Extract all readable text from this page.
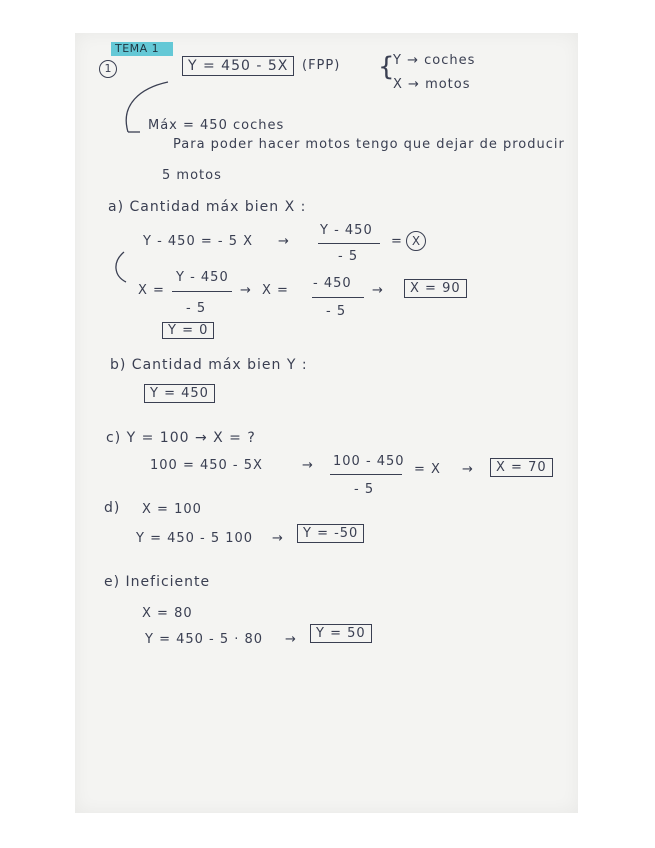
TEMA 1
1	Y = 450 - 5X	(FPP) {
Y → coches
X → motos
Máx = 450 coches
Para poder hacer motos tengo que dejar de producir
5 motos
a) Cantidad máx bien X :
Y - 450 = - 5 X →
Y - 450
- 5
= X
X =
Y - 450
- 5
→ X = - 450
- 5
→	X = 90
Y = 0
b) Cantidad máx bien Y :
Y = 450
c) Y = 100 → X = ?
100 = 450 - 5X	→ 100 - 450
- 5
= X →	X = 70
d) X = 100
Y = 450 - 5 100 →	Y = -50
e) Ineficiente
X = 80
Y = 450 - 5 · 80 →	Y = 50
